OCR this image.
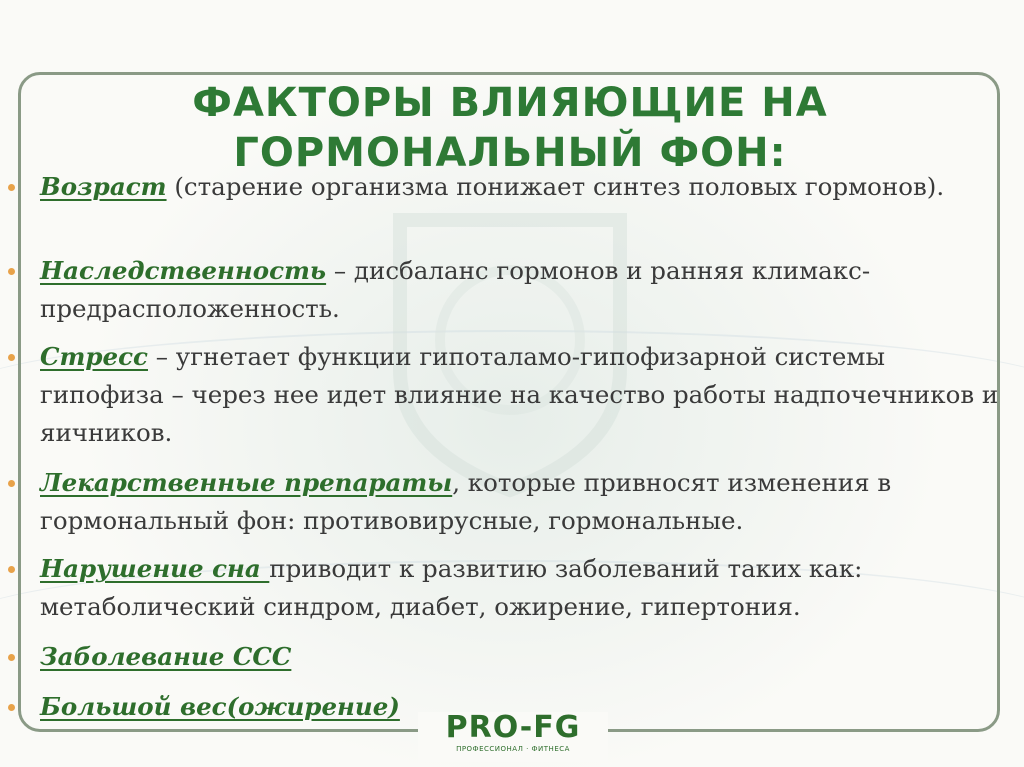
ФАКТОРЫ ВЛИЯЮЩИЕ НА
ГОРМОНАЛЬНЫЙ ФОН:
Возраст (старение организма понижает синтез половых гормонов).
Наследственность – дисбаланс гормонов и ранняя климакс-предрасположенность.
Стресс – угнетает функции гипоталамо-гипофизарной системы гипофиза – через нее идет влияние на качество работы надпочечников и яичников.
Лекарственные препараты, которые привносят изменения в гормональный фон: противовирусные, гормональные.
Нарушение сна приводит к развитию заболеваний таких как: метаболический синдром, диабет, ожирение, гипертония.
Заболевание ССС
Большой вес(ожирение)
PRO-FG
ПРОФЕССИОНАЛ · ФИТНЕСА
